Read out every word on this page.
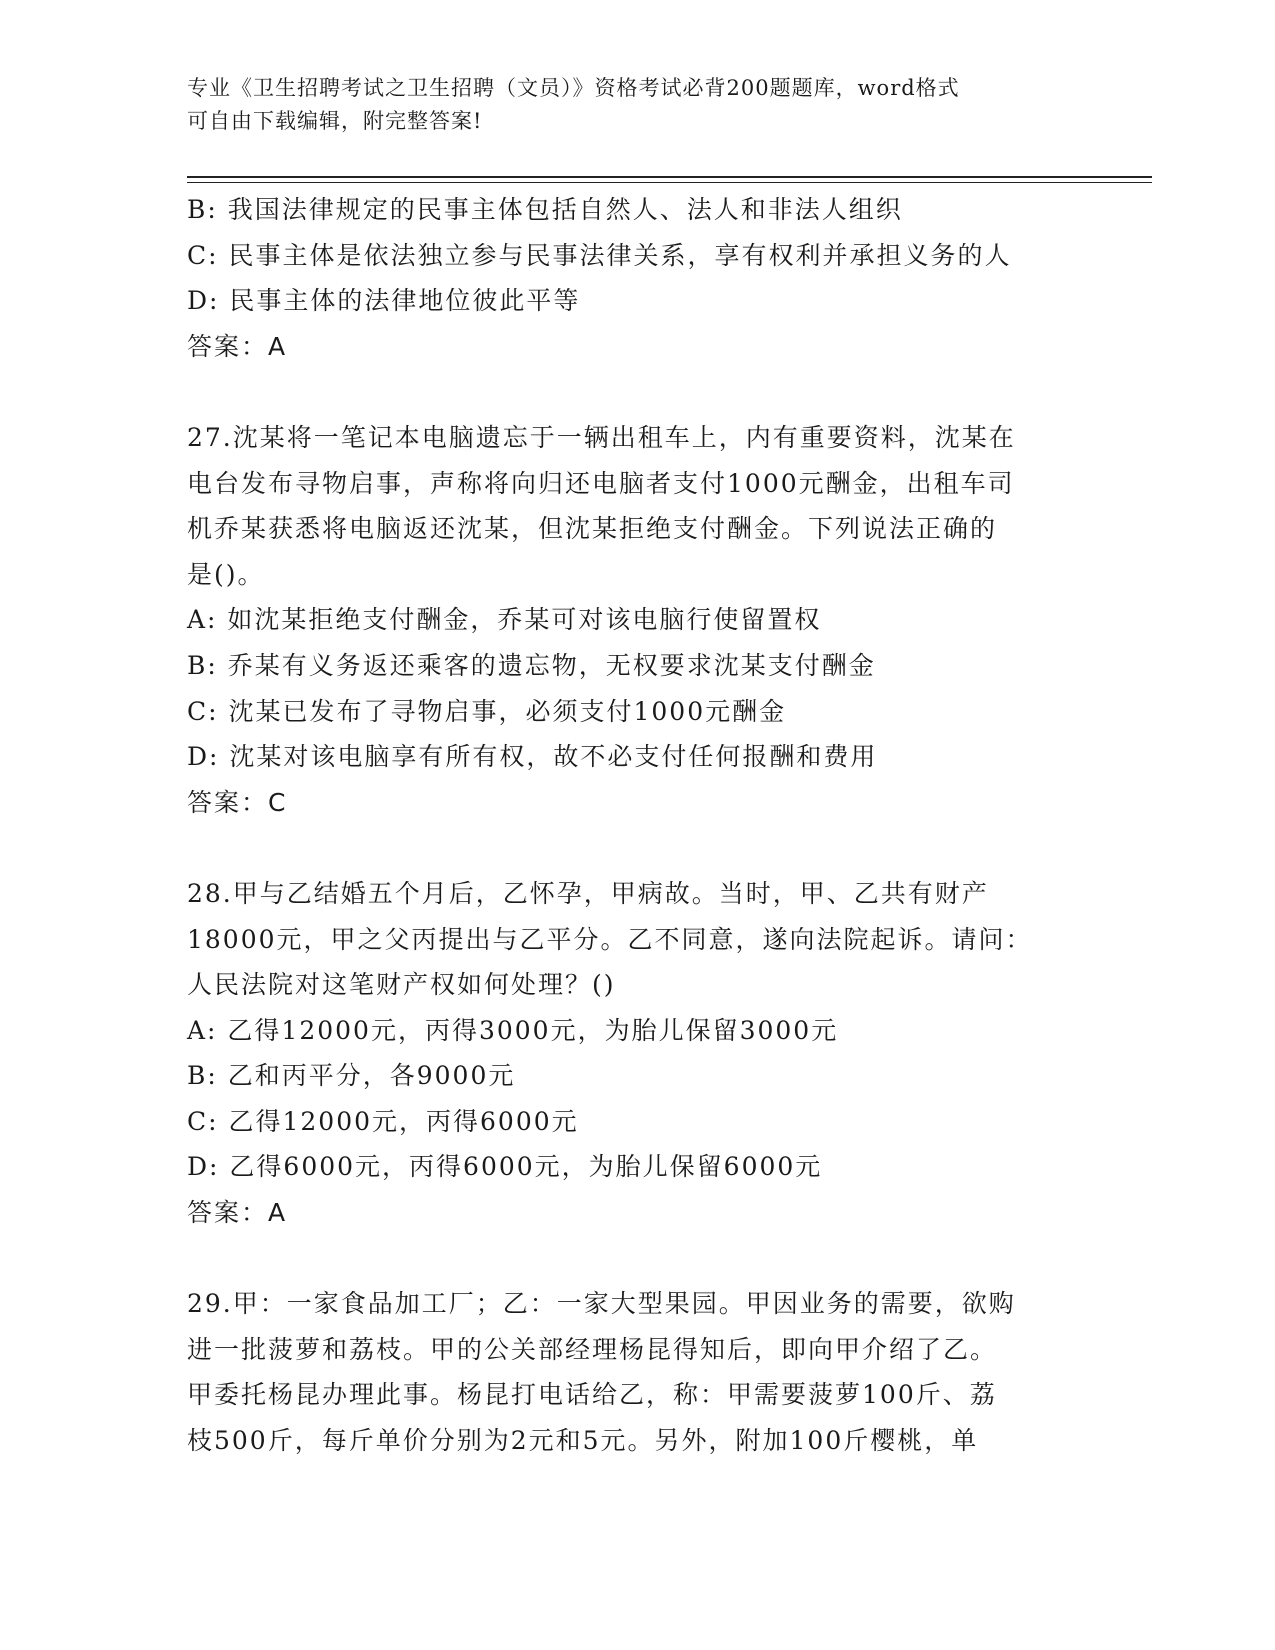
专业《卫生招聘考试之卫生招聘（文员）》资格考试必背200题题库，word格式
可自由下载编辑，附完整答案!
B: 我国法律规定的民事主体包括自然人、法人和非法人组织
C: 民事主体是依法独立参与民事法律关系，享有权利并承担义务的人
D: 民事主体的法律地位彼此平等
答案：A
27.沈某将一笔记本电脑遗忘于一辆出租车上，内有重要资料，沈某在
电台发布寻物启事，声称将向归还电脑者支付1000元酬金，出租车司
机乔某获悉将电脑返还沈某，但沈某拒绝支付酬金。下列说法正确的
是()。
A: 如沈某拒绝支付酬金，乔某可对该电脑行使留置权
B: 乔某有义务返还乘客的遗忘物，无权要求沈某支付酬金
C: 沈某已发布了寻物启事，必须支付1000元酬金
D: 沈某对该电脑享有所有权，故不必支付任何报酬和费用
答案：C
28.甲与乙结婚五个月后，乙怀孕，甲病故。当时，甲、乙共有财产
18000元，甲之父丙提出与乙平分。乙不同意，遂向法院起诉。请问：
人民法院对这笔财产权如何处理？()
A: 乙得12000元，丙得3000元，为胎儿保留3000元
B: 乙和丙平分，各9000元
C: 乙得12000元，丙得6000元
D: 乙得6000元，丙得6000元，为胎儿保留6000元
答案：A
29.甲：一家食品加工厂；乙：一家大型果园。甲因业务的需要，欲购
进一批菠萝和荔枝。甲的公关部经理杨昆得知后，即向甲介绍了乙。
甲委托杨昆办理此事。杨昆打电话给乙，称：甲需要菠萝100斤、荔
枝500斤，每斤单价分别为2元和5元。另外，附加100斤樱桃，单
